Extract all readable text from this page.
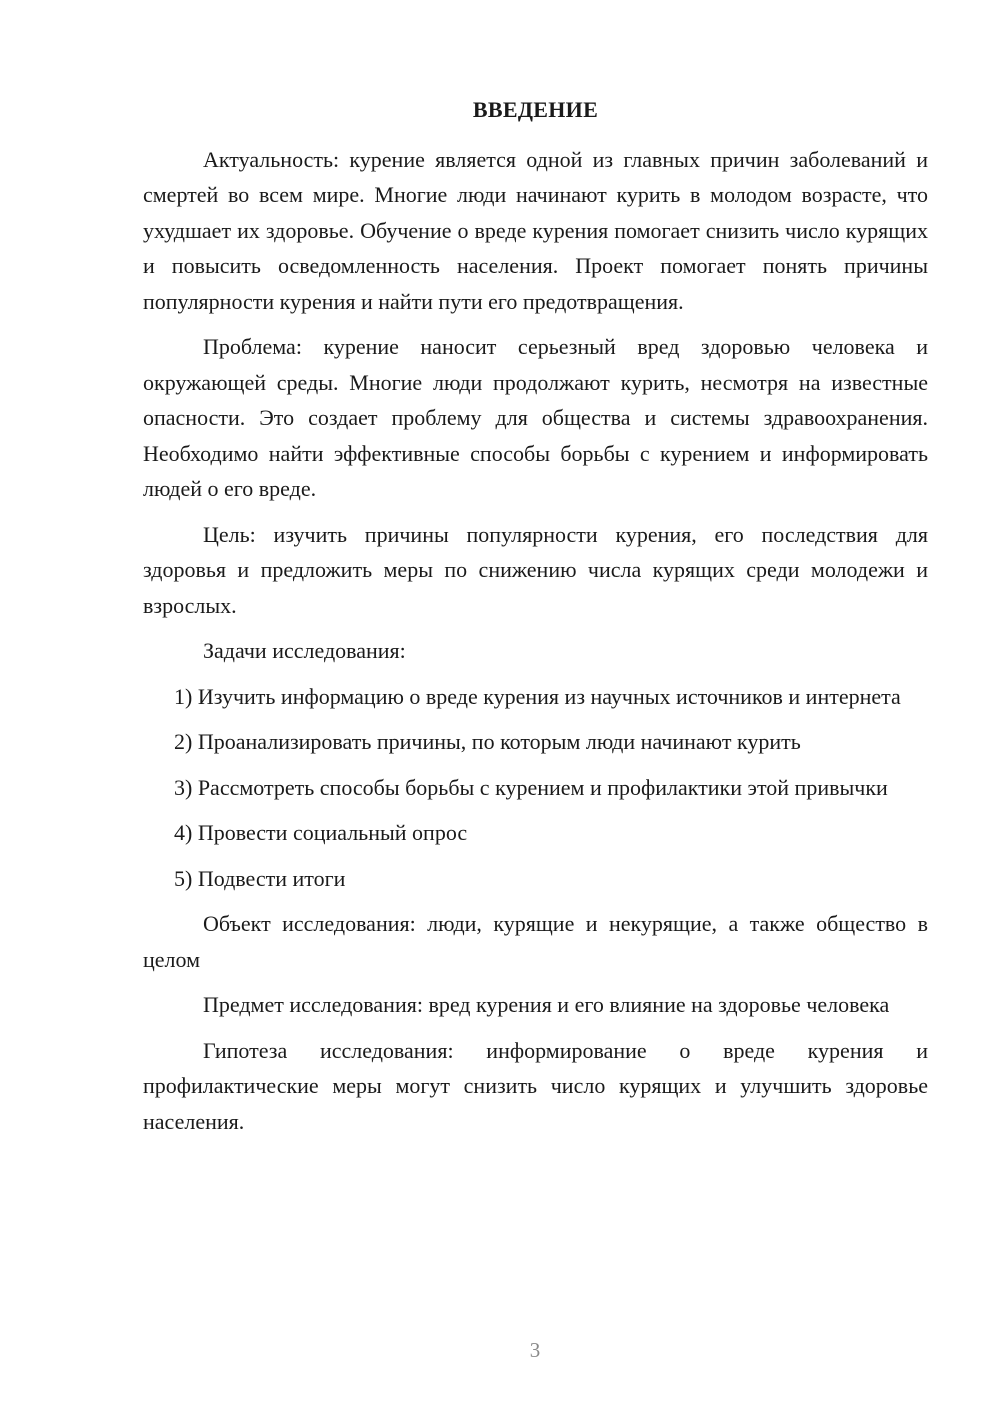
ВВЕДЕНИЕ

Актуальность: курение является одной из главных причин заболеваний и смертей во всем мире. Многие люди начинают курить в молодом возрасте, что ухудшает их здоровье. Обучение о вреде курения помогает снизить число курящих и повысить осведомленность населения. Проект помогает понять причины популярности курения и найти пути его предотвращения.

Проблема: курение наносит серьезный вред здоровью человека и окружающей среды. Многие люди продолжают курить, несмотря на известные опасности. Это создает проблему для общества и системы здравоохранения. Необходимо найти эффективные способы борьбы с курением и информировать людей о его вреде.

Цель: изучить причины популярности курения, его последствия для здоровья и предложить меры по снижению числа курящих среди молодежи и взрослых.

Задачи исследования:

1) Изучить информацию о вреде курения из научных источников и интернета

2) Проанализировать причины, по которым люди начинают курить

3) Рассмотреть способы борьбы с курением и профилактики этой привычки

4) Провести социальный опрос

5) Подвести итоги

Объект исследования: люди, курящие и некурящие, а также общество в целом

Предмет исследования: вред курения и его влияние на здоровье человека

Гипотеза исследования: информирование о вреде курения и профилактические меры могут снизить число курящих и улучшить здоровье населения.

3
